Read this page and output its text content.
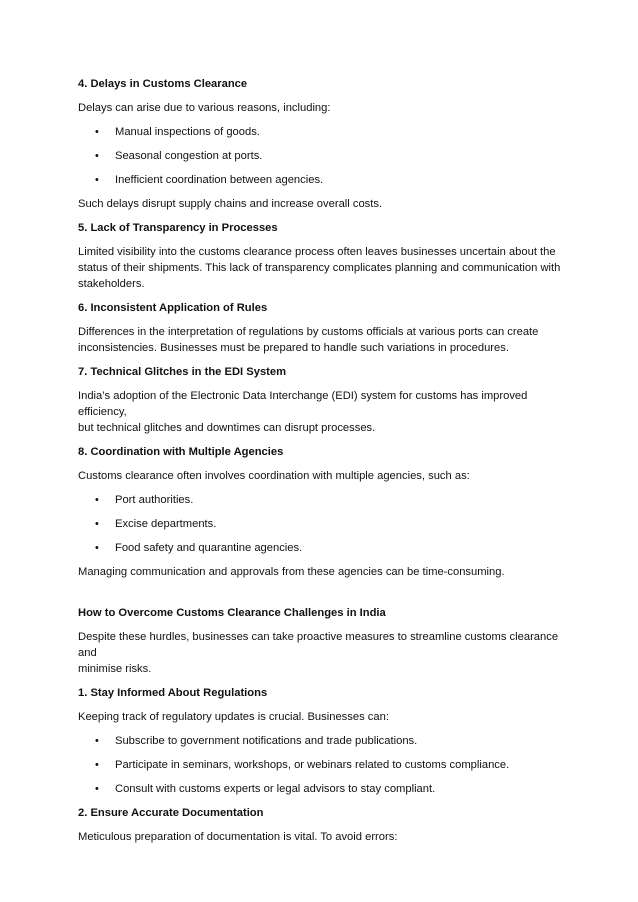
4. Delays in Customs Clearance

Delays can arise due to various reasons, including:

• Manual inspections of goods.
• Seasonal congestion at ports.
• Inefficient coordination between agencies.

Such delays disrupt supply chains and increase overall costs.

5. Lack of Transparency in Processes

Limited visibility into the customs clearance process often leaves businesses uncertain about the
status of their shipments. This lack of transparency complicates planning and communication with
stakeholders.

6. Inconsistent Application of Rules

Differences in the interpretation of regulations by customs officials at various ports can create
inconsistencies. Businesses must be prepared to handle such variations in procedures.

7. Technical Glitches in the EDI System

India’s adoption of the Electronic Data Interchange (EDI) system for customs has improved efficiency,
but technical glitches and downtimes can disrupt processes.

8. Coordination with Multiple Agencies

Customs clearance often involves coordination with multiple agencies, such as:

• Port authorities.
• Excise departments.
• Food safety and quarantine agencies.

Managing communication and approvals from these agencies can be time-consuming.

How to Overcome Customs Clearance Challenges in India

Despite these hurdles, businesses can take proactive measures to streamline customs clearance and
minimise risks.

1. Stay Informed About Regulations

Keeping track of regulatory updates is crucial. Businesses can:

• Subscribe to government notifications and trade publications.
• Participate in seminars, workshops, or webinars related to customs compliance.
• Consult with customs experts or legal advisors to stay compliant.

2. Ensure Accurate Documentation

Meticulous preparation of documentation is vital. To avoid errors:
